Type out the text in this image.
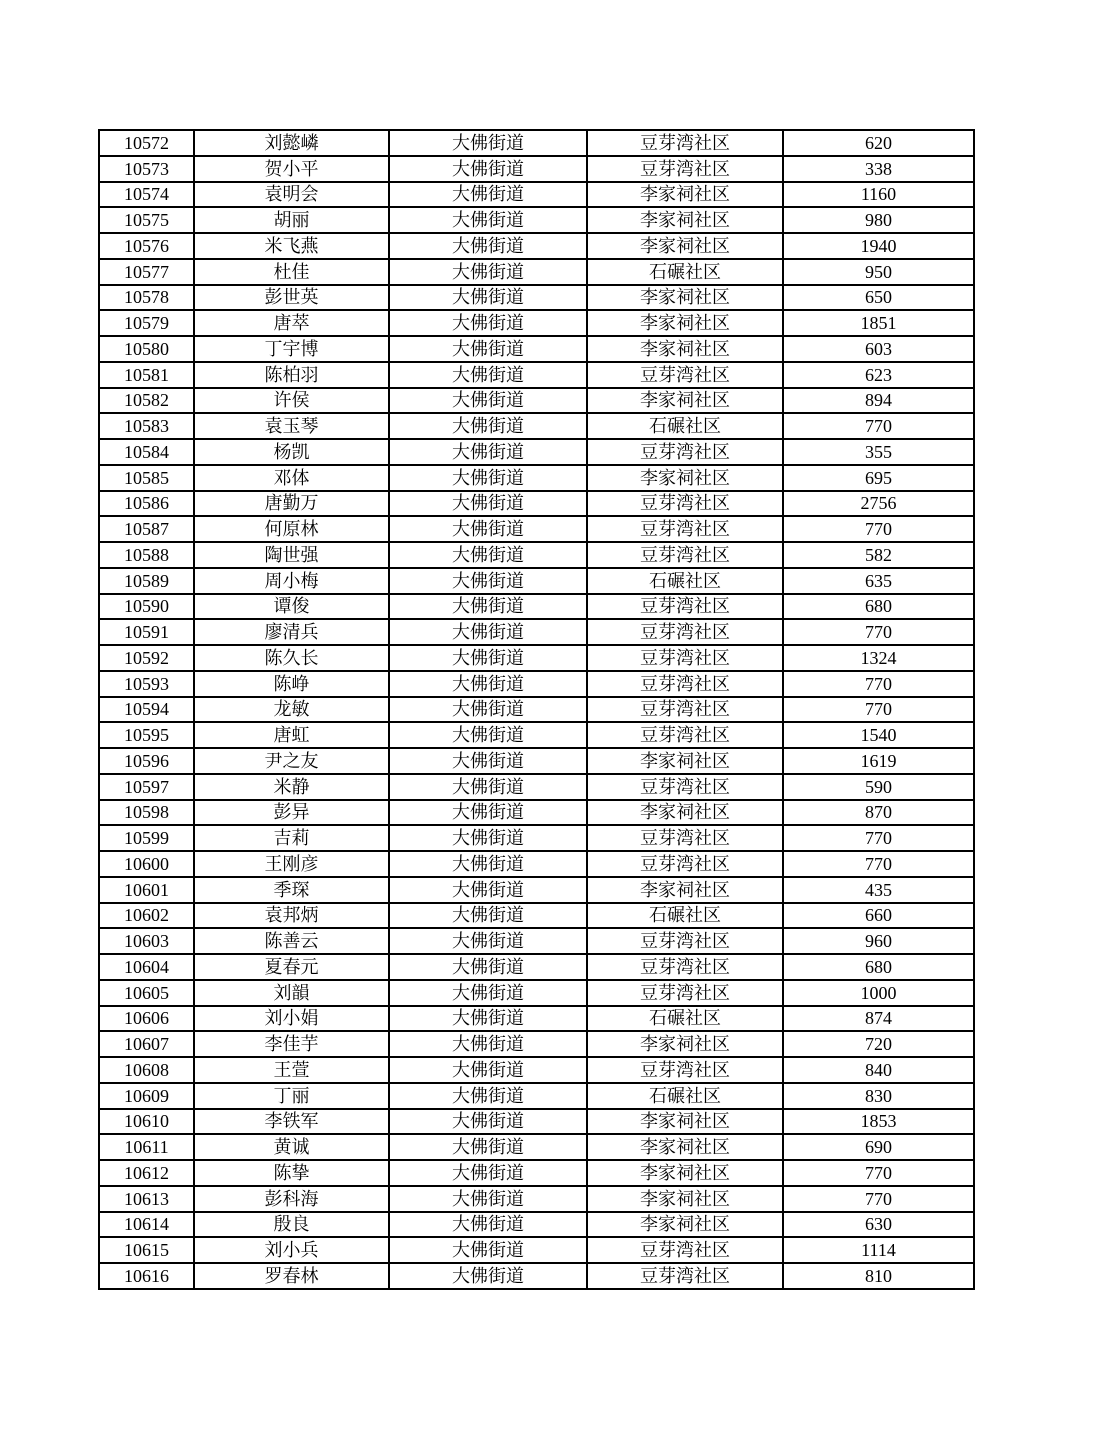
10572	刘懿嶙	大佛街道	豆芽湾社区	620
10573	贺小平	大佛街道	豆芽湾社区	338
10574	袁明会	大佛街道	李家祠社区	1160
10575	胡丽	大佛街道	李家祠社区	980
10576	米飞燕	大佛街道	李家祠社区	1940
10577	杜佳	大佛街道	石碾社区	950
10578	彭世英	大佛街道	李家祠社区	650
10579	唐萃	大佛街道	李家祠社区	1851
10580	丁宇博	大佛街道	李家祠社区	603
10581	陈柏羽	大佛街道	豆芽湾社区	623
10582	许侯	大佛街道	李家祠社区	894
10583	袁玉琴	大佛街道	石碾社区	770
10584	杨凯	大佛街道	豆芽湾社区	355
10585	邓体	大佛街道	李家祠社区	695
10586	唐勤万	大佛街道	豆芽湾社区	2756
10587	何原林	大佛街道	豆芽湾社区	770
10588	陶世强	大佛街道	豆芽湾社区	582
10589	周小梅	大佛街道	石碾社区	635
10590	谭俊	大佛街道	豆芽湾社区	680
10591	廖清兵	大佛街道	豆芽湾社区	770
10592	陈久长	大佛街道	豆芽湾社区	1324
10593	陈峥	大佛街道	豆芽湾社区	770
10594	龙敏	大佛街道	豆芽湾社区	770
10595	唐虹	大佛街道	豆芽湾社区	1540
10596	尹之友	大佛街道	李家祠社区	1619
10597	米静	大佛街道	豆芽湾社区	590
10598	彭异	大佛街道	李家祠社区	870
10599	吉莉	大佛街道	豆芽湾社区	770
10600	王刚彦	大佛街道	豆芽湾社区	770
10601	季琛	大佛街道	李家祠社区	435
10602	袁邦炳	大佛街道	石碾社区	660
10603	陈善云	大佛街道	豆芽湾社区	960
10604	夏春元	大佛街道	豆芽湾社区	680
10605	刘韻	大佛街道	豆芽湾社区	1000
10606	刘小娟	大佛街道	石碾社区	874
10607	李佳芋	大佛街道	李家祠社区	720
10608	王萱	大佛街道	豆芽湾社区	840
10609	丁丽	大佛街道	石碾社区	830
10610	李铁军	大佛街道	李家祠社区	1853
10611	黄诚	大佛街道	李家祠社区	690
10612	陈挚	大佛街道	李家祠社区	770
10613	彭科海	大佛街道	李家祠社区	770
10614	殷良	大佛街道	李家祠社区	630
10615	刘小兵	大佛街道	豆芽湾社区	1114
10616	罗春林	大佛街道	豆芽湾社区	810
